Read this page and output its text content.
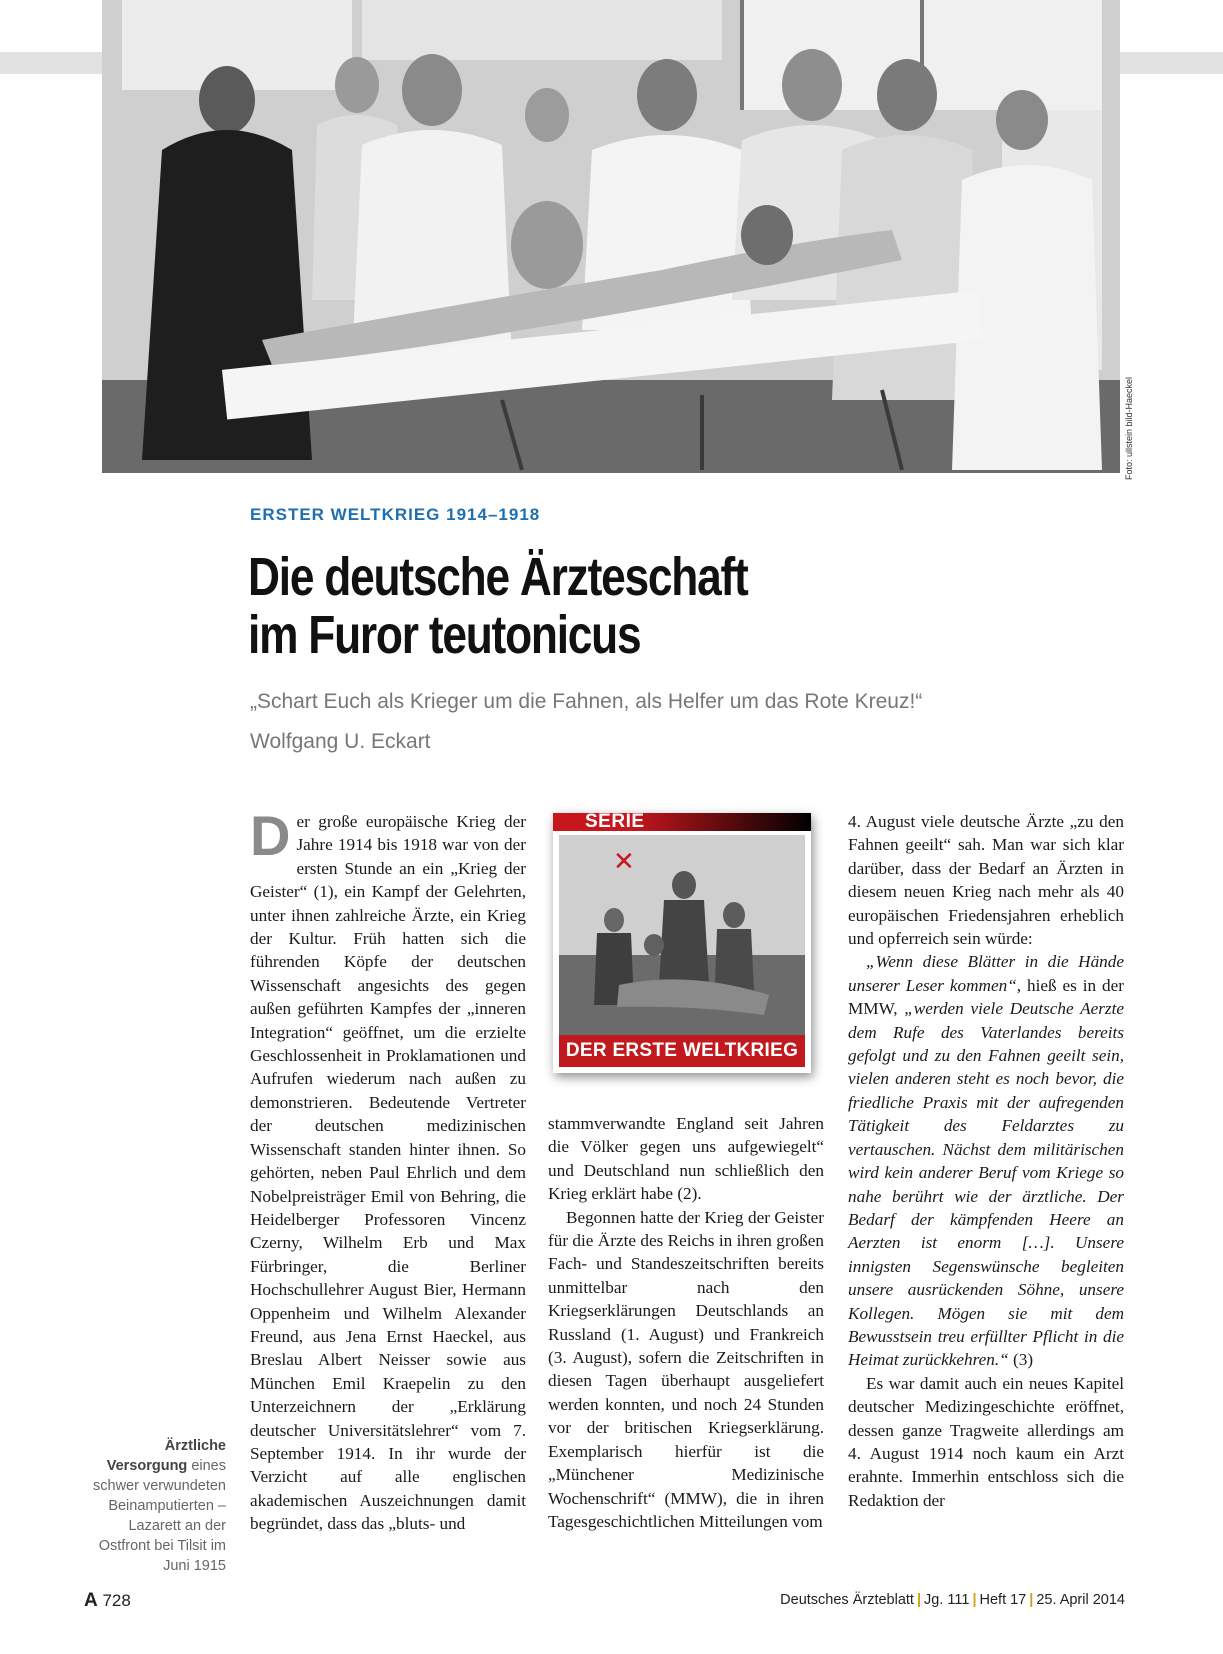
Foto: ullstein bild-Haeckel
ERSTER WELTKRIEG 1914–1918
Die deutsche Ärzteschaft
im Furor teutonicus
„Schart Euch als Krieger um die Fahnen, als Helfer um das Rote Kreuz!“
Wolfgang U. Eckart

Der große europäische Krieg der Jahre 1914 bis 1918 war von der ersten Stunde an ein „Krieg der Geister“ (1), ein Kampf der Gelehrten, unter ihnen zahlreiche Ärzte, ein Krieg der Kultur. Früh hatten sich die führenden Köpfe der deutschen Wissenschaft angesichts des gegen außen geführten Kampfes der „inneren Integration“ geöffnet, um die erzielte Geschlossenheit in Proklamationen und Aufrufen wiederum nach außen zu demonstrieren. Bedeutende Vertreter der deutschen medizinischen Wissenschaft standen hinter ihnen. So gehörten, neben Paul Ehrlich und dem Nobelpreisträger Emil von Behring, die Heidelberger Professoren Vincenz Czerny, Wilhelm Erb und Max Fürbringer, die Berliner Hochschullehrer August Bier, Hermann Oppenheim und Wilhelm Alexander Freund, aus Jena Ernst Haeckel, aus Breslau Albert Neisser sowie aus München Emil Kraepelin zu den Unterzeichnern der „Erklärung deutscher Universitätslehrer“ vom 7. September 1914. In ihr wurde der Verzicht auf alle englischen akademischen Auszeichnungen damit begründet, dass das „bluts- und

SERIE
✕
DER ERSTE WELTKRIEG

stammverwandte England seit Jahren die Völker gegen uns aufgewiegelt“ und Deutschland nun schließlich den Krieg erklärt habe (2).

Begonnen hatte der Krieg der Geister für die Ärzte des Reichs in ihren großen Fach- und Standeszeitschriften bereits unmittelbar nach den Kriegserklärungen Deutschlands an Russland (1. August) und Frankreich (3. August), sofern die Zeitschriften in diesen Tagen überhaupt ausgeliefert werden konnten, und noch 24 Stunden vor der britischen Kriegserklärung. Exemplarisch hierfür ist die „Münchener Medizinische Wochenschrift“ (MMW), die in ihren Tagesgeschichtlichen Mitteilungen vom

4. August viele deutsche Ärzte „zu den Fahnen geeilt“ sah. Man war sich klar darüber, dass der Bedarf an Ärzten in diesem neuen Krieg nach mehr als 40 europäischen Friedensjahren erheblich und opferreich sein würde:

„Wenn diese Blätter in die Hände unserer Leser kommen“, hieß es in der MMW, „werden viele Deutsche Aerzte dem Rufe des Vaterlandes bereits gefolgt und zu den Fahnen geeilt sein, vielen anderen steht es noch bevor, die friedliche Praxis mit der aufregenden Tätigkeit des Feldarztes zu vertauschen. Nächst dem militärischen wird kein anderer Beruf vom Kriege so nahe berührt wie der ärztliche. Der Bedarf der kämpfenden Heere an Aerzten ist enorm […]. Unsere innigsten Segenswünsche begleiten unsere ausrückenden Söhne, unsere Kollegen. Mögen sie mit dem Bewusstsein treu erfüllter Pflicht in die Heimat zurückkehren.“ (3)

Es war damit auch ein neues Kapitel deutscher Medizingeschichte eröffnet, dessen ganze Tragweite allerdings am 4. August 1914 noch kaum ein Arzt erahnte. Immerhin entschloss sich die Redaktion der

Ärztliche Versorgung eines schwer verwundeten Beinamputierten – Lazarett an der Ostfront bei Tilsit im Juni 1915
A 728	Deutsches Ärzteblatt | Jg. 111 | Heft 17 | 25. April 2014
